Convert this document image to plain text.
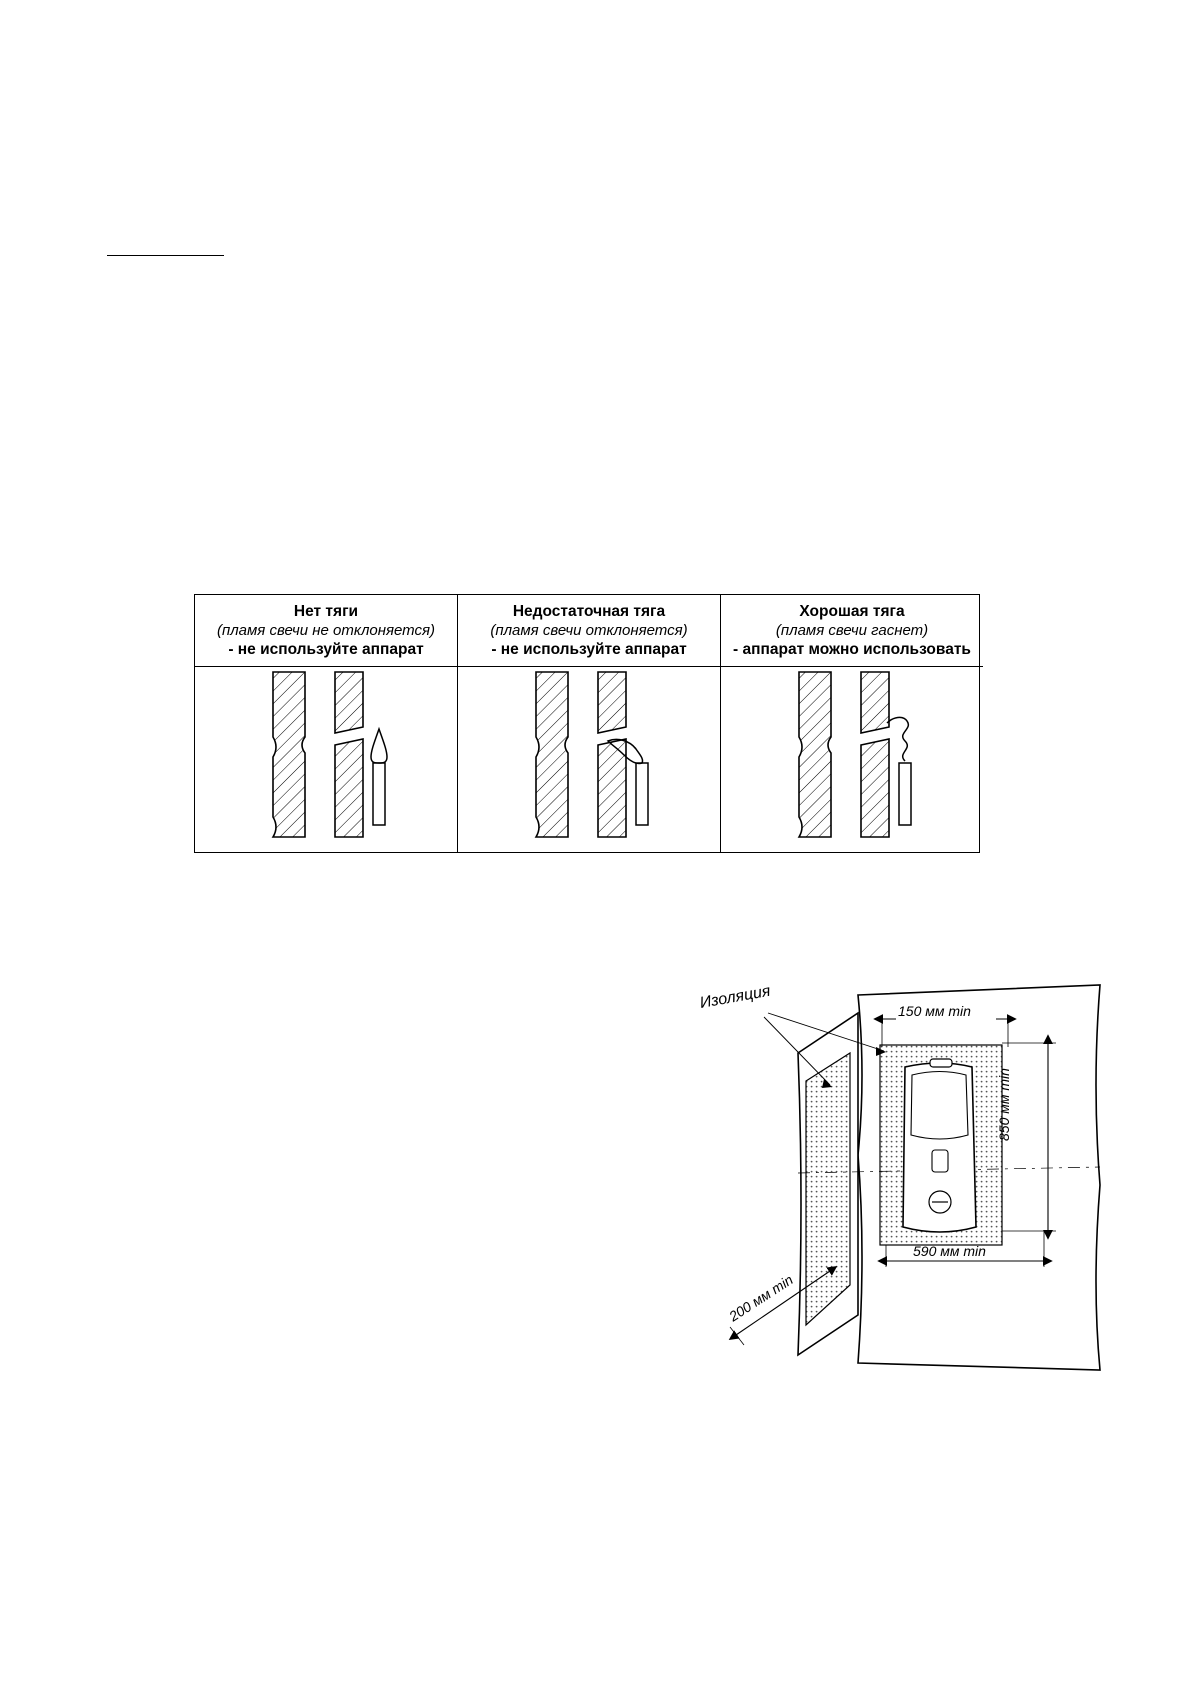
Нет тяги
(пламя свечи не отклоняется)
- не используйте аппарат
Недостаточная тяга
(пламя свечи отклоняется)
- не используйте аппарат
Хорошая тяга
(пламя свечи гаснет)
- аппарат можно использовать
Изоляция	150 мм min
850 мм min
590 мм min
200 мм min
